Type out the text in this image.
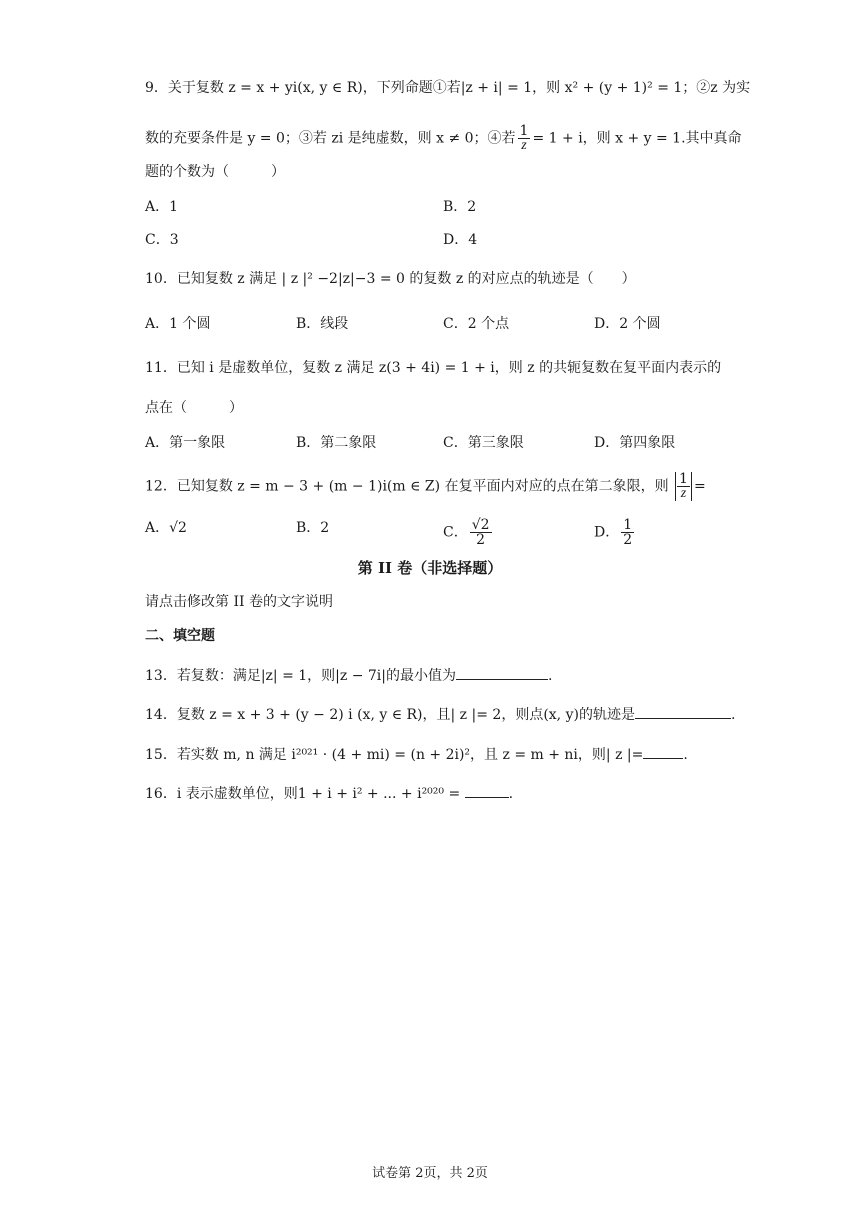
9．关于复数 z = x + yi(x, y ∈ R)，下列命题①若|z + i| = 1，则 x² + (y + 1)² = 1；②z 为实
数的充要条件是 y = 0；③若 zi 是纯虚数，则 x ≠ 0；④若 $\frac{1}{z} = 1 + i$，则 x + y = 1.其中真命
题的个数为（　　　）
A．1	B．2
C．3	D．4
10．已知复数 z 满足 | z |² −2|z|−3 = 0 的复数 z 的对应点的轨迹是（　　）
A．1 个圆	B．线段	C．2 个点	D．2 个圆
11．已知 i 是虚数单位，复数 z 满足 z(3 + 4i) = 1 + i，则 z 的共轭复数在复平面内表示的
点在（　　　）
A．第一象限	B．第二象限	C．第三象限	D．第四象限
12．已知复数 z = m − 3 + (m − 1)i(m ∈ Z) 在复平面内对应的点在第二象限，则 $\frac{1}{z}$ =
A．√2	B．2	C． $\frac{√2}{2}$	D． $\frac{1}{2}$
第 II 卷（非选择题）
请点击修改第 II 卷的文字说明
二、填空题
13．若复数：满足|z| = 1，则|z − 7i|的最小值为	.
14．复数 z = x + 3 + (y − 2) i (x, y ∈ R)，且| z |= 2，则点(x, y)的轨迹是	.
15．若实数 m, n 满足 i²⁰²¹ · (4 + mi) = (n + 2i)²，且 z = m + ni，则| z |=	.
16．i 表示虚数单位，则1 + i + i² + ... + i²⁰²⁰ =	.
试卷第 2页，共 2页
